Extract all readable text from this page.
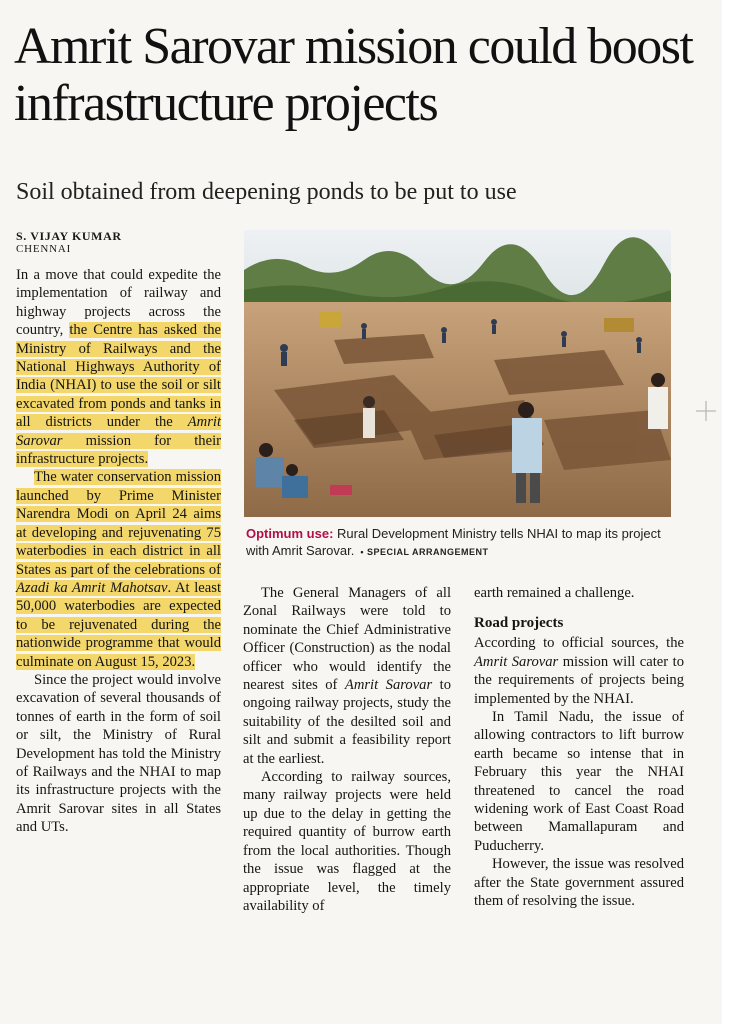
Amrit Sarovar mission could boost infrastructure projects
Soil obtained from deepening ponds to be put to use
S. VIJAY KUMAR
CHENNAI

In a move that could expedite the implementation of railway and highway projects across the country, the Centre has asked the Ministry of Railways and the National Highways Authority of India (NHAI) to use the soil or silt excavated from ponds and tanks in all districts under the Amrit Sarovar mission for their infrastructure projects.

The water conservation mission launched by Prime Minister Narendra Modi on April 24 aims at developing and rejuvenating 75 waterbodies in each district in all States as part of the celebrations of Azadi ka Amrit Mahotsav. At least 50,000 waterbodies are expected to be rejuvenated during the nationwide programme that would culminate on August 15, 2023.

Since the project would involve excavation of several thousands of tonnes of earth in the form of soil or silt, the Ministry of Rural Development has told the Ministry of Railways and the NHAI to map its infrastructure projects with the Amrit Sarovar sites in all States and UTs.

Optimum use: Rural Development Ministry tells NHAI to map its project with Amrit Sarovar. • SPECIAL ARRANGEMENT

The General Managers of all Zonal Railways were told to nominate the Chief Administrative Officer (Construction) as the nodal officer who would identify the nearest sites of Amrit Sarovar to ongoing railway projects, study the suitability of the desilted soil and silt and submit a feasibility report at the earliest.

According to railway sources, many railway projects were held up due to the delay in getting the required quantity of burrow earth from the local authorities. Though the issue was flagged at the appropriate level, the timely availability of

earth remained a challenge.

Road projects

According to official sources, the Amrit Sarovar mission will cater to the requirements of projects being implemented by the NHAI.

In Tamil Nadu, the issue of allowing contractors to lift burrow earth became so intense that in February this year the NHAI threatened to cancel the road widening work of East Coast Road between Mamallapuram and Puducherry.

However, the issue was resolved after the State government assured them of resolving the issue.
